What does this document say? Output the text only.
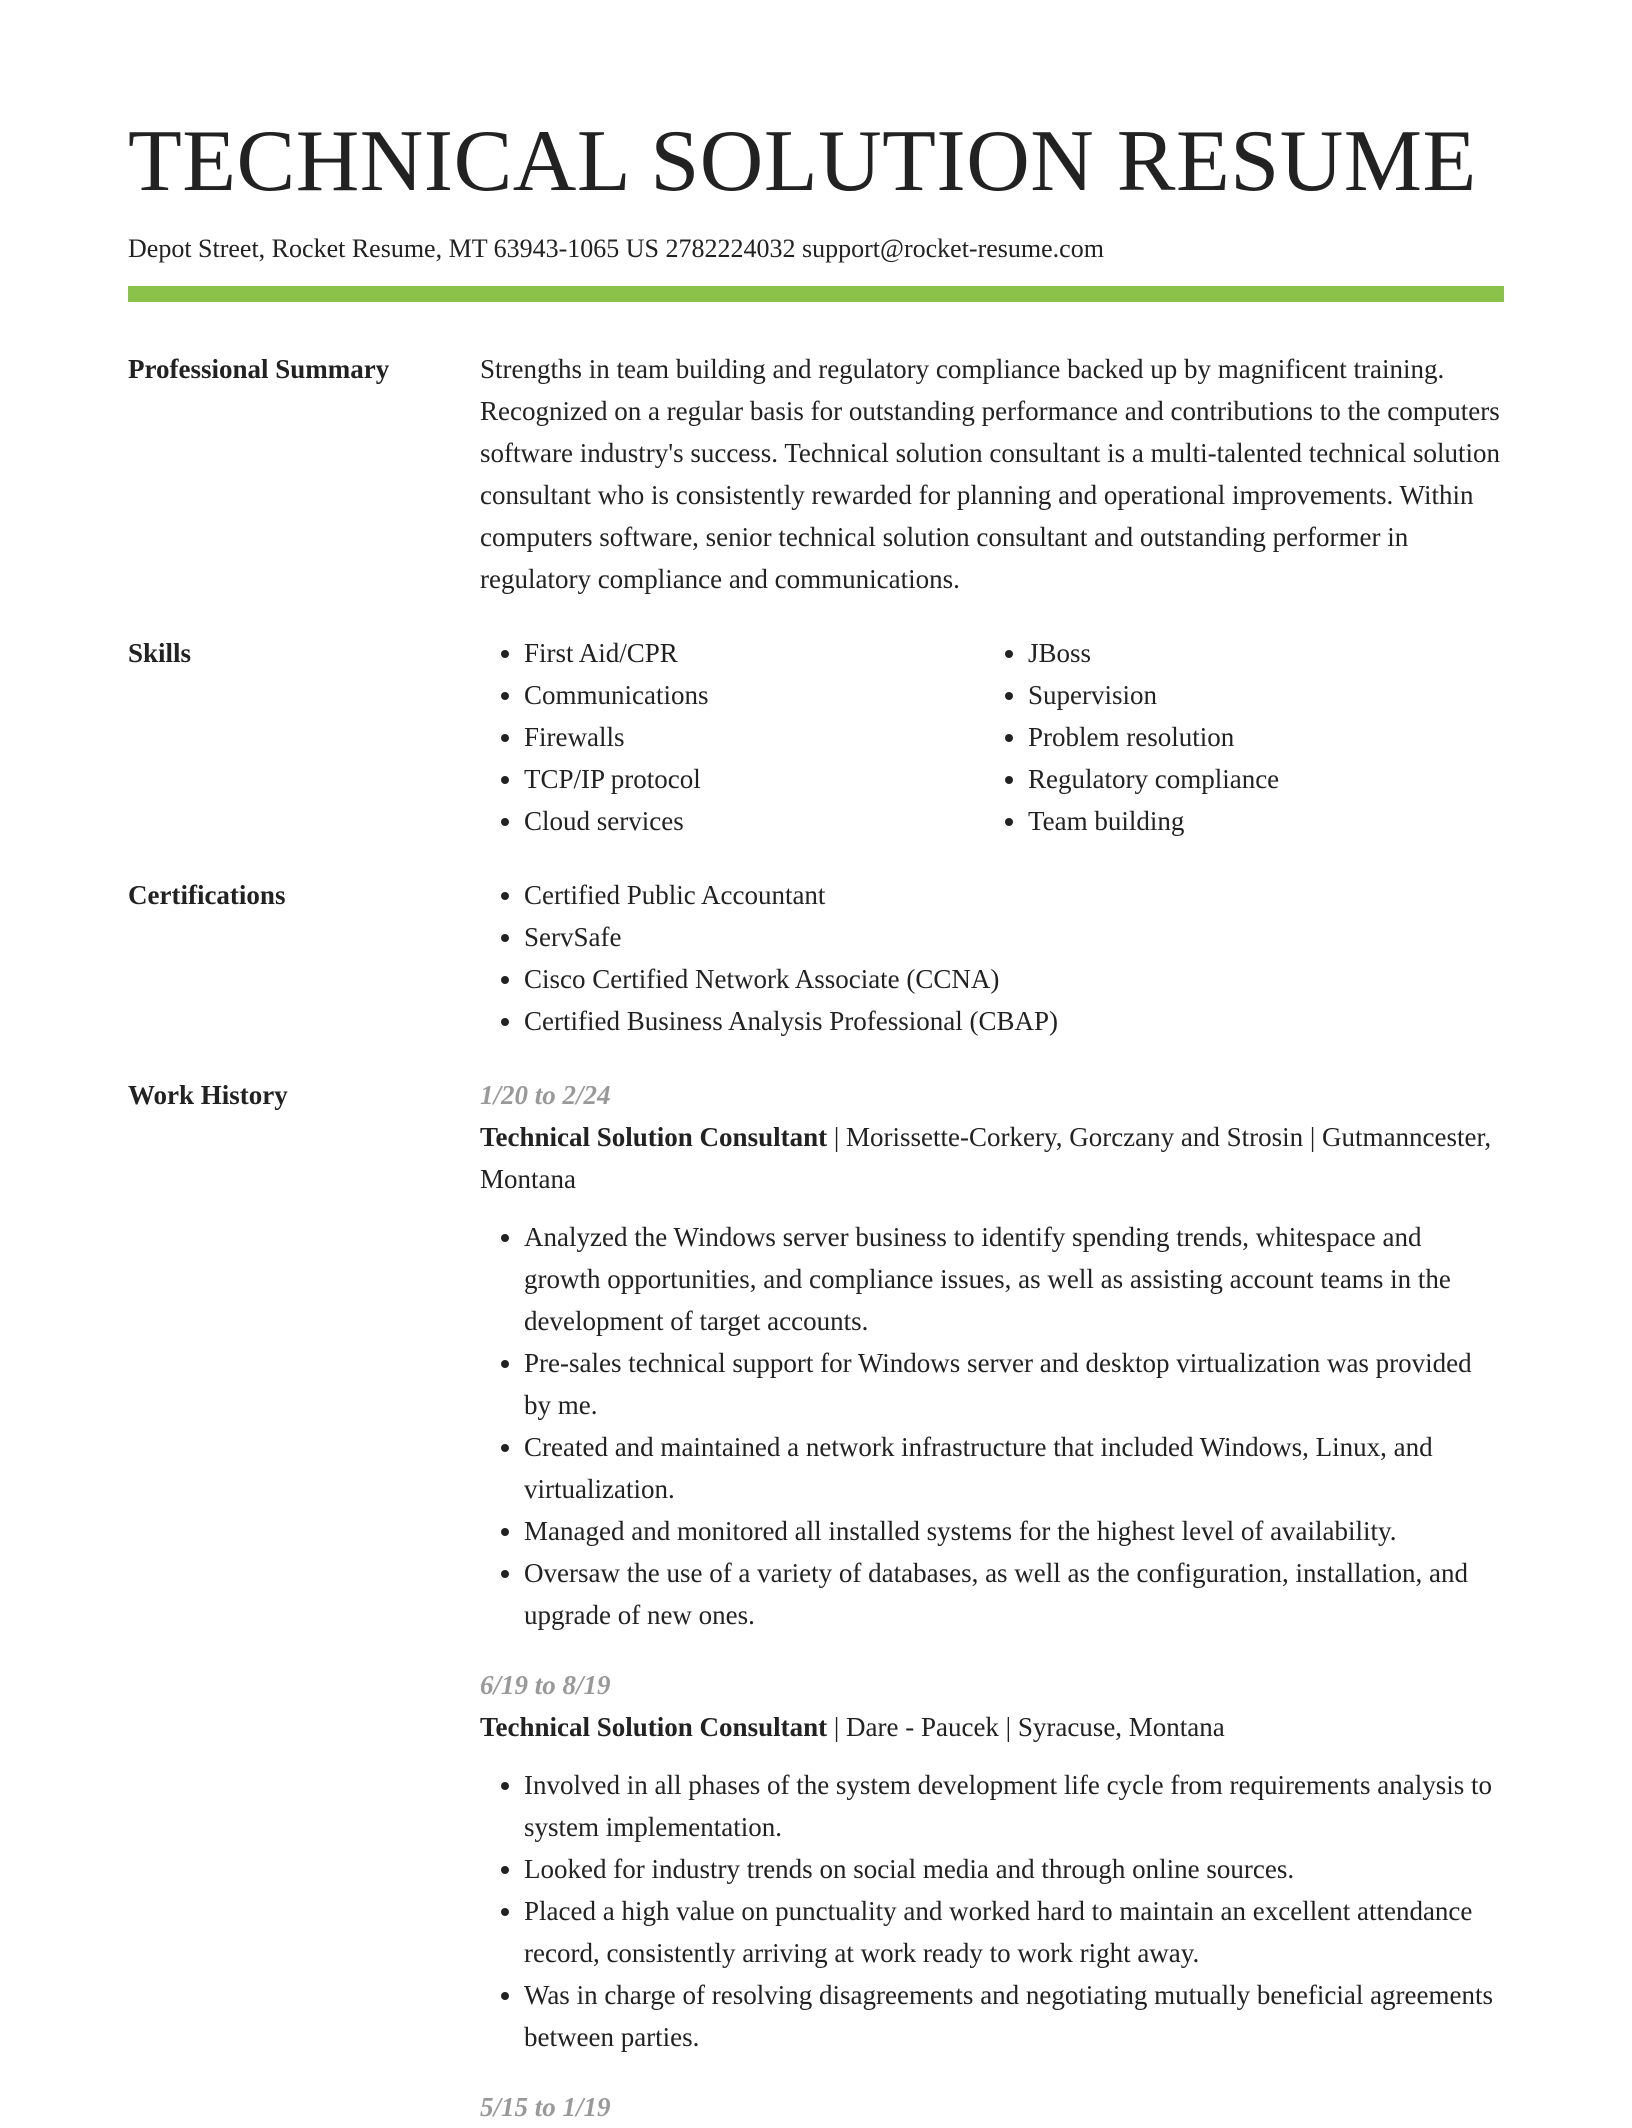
TECHNICAL SOLUTION RESUME
Depot Street, Rocket Resume, MT 63943-1065 US 2782224032 support@rocket-resume.com
Professional Summary	Strengths in team building and regulatory compliance backed up by magnificent training. Recognized on a regular basis for outstanding performance and contributions to the computers software industry's success. Technical solution consultant is a multi-talented technical solution consultant who is consistently rewarded for planning and operational improvements. Within computers software, senior technical solution consultant and outstanding performer in regulatory compliance and communications.

Skills	• First Aid/CPR
• Communications
• Firewalls
• TCP/IP protocol
• Cloud services
• JBoss
• Supervision
• Problem resolution
• Regulatory compliance
• Team building
Certifications	• Certified Public Accountant
• ServSafe
• Cisco Certified Network Associate (CCNA)
• Certified Business Analysis Professional (CBAP)
Work History	1/20 to 2/24
Technical Solution Consultant | Morissette-Corkery, Gorczany and Strosin | Gutmanncester, Montana
• Analyzed the Windows server business to identify spending trends, whitespace and growth opportunities, and compliance issues, as well as assisting account teams in the development of target accounts.
• Pre-sales technical support for Windows server and desktop virtualization was provided by me.
• Created and maintained a network infrastructure that included Windows, Linux, and virtualization.
• Managed and monitored all installed systems for the highest level of availability.
• Oversaw the use of a variety of databases, as well as the configuration, installation, and upgrade of new ones.
6/19 to 8/19
Technical Solution Consultant | Dare - Paucek | Syracuse, Montana
• Involved in all phases of the system development life cycle from requirements analysis to system implementation.
• Looked for industry trends on social media and through online sources.
• Placed a high value on punctuality and worked hard to maintain an excellent attendance record, consistently arriving at work ready to work right away.
• Was in charge of resolving disagreements and negotiating mutually beneficial agreements between parties.
5/15 to 1/19
